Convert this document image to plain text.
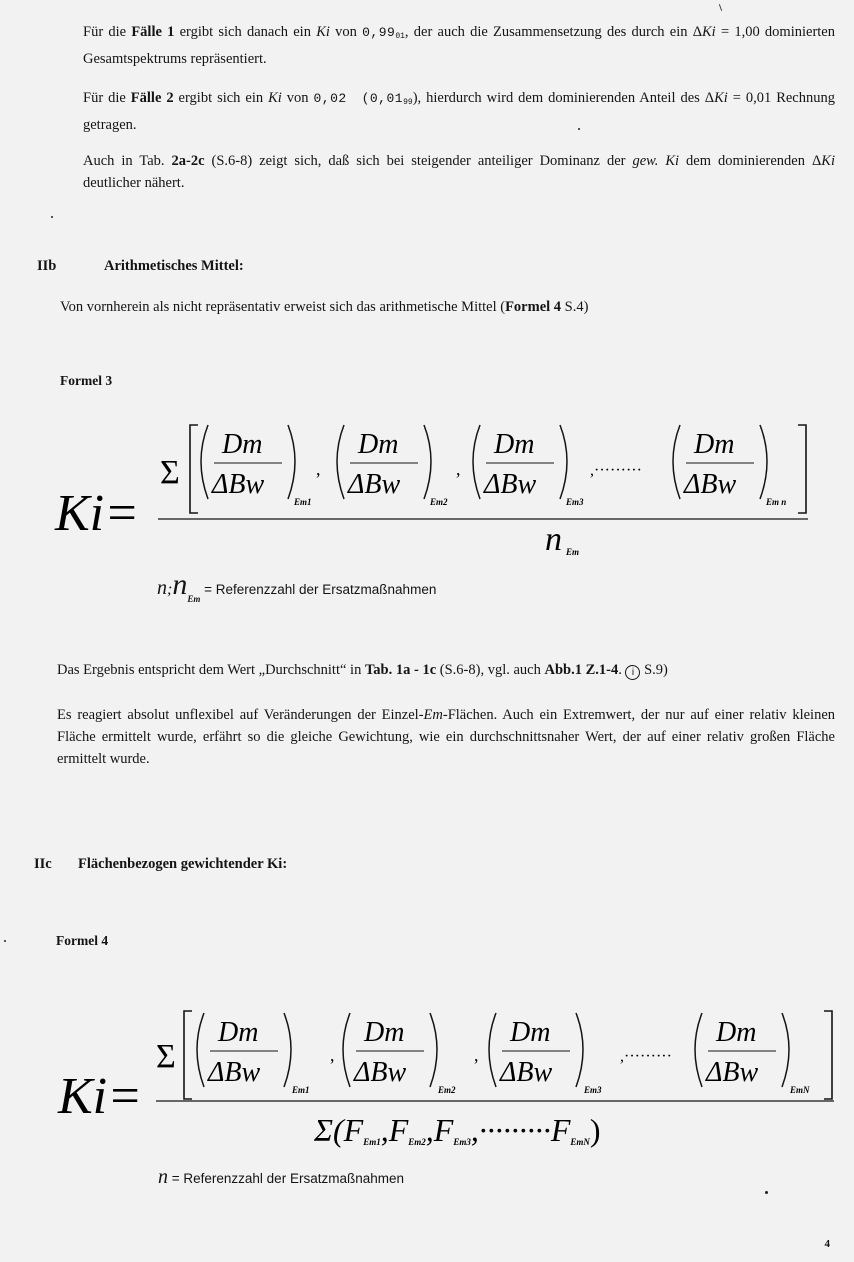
Für die Fälle 1 ergibt sich danach ein Ki von $0,99_{01}$, der auch die Zusammensetzung des durch ein ΔKi = 1,00 dominierten Gesamtspektrums repräsentiert.

Für die Fälle 2 ergibt sich ein Ki von 0,02 $(0,01_{99})$, hierdurch wird dem dominierenden Anteil des ΔKi = 0,01 Rechnung getragen.

Auch in Tab. 2a-2c (S.6-8) zeigt sich, daß sich bei steigender anteiliger Dominanz der gew. Ki dem dominierenden ΔKi deutlicher nähert.

IIb	Arithmetisches Mittel:

Von vornherein als nicht repräsentativ erweist sich das arithmetische Mittel (Formel 4 S.4)

Formel 3
Ki=
Σ
Dm
ΔBw
Em1
Dm
ΔBw
Em2
Dm
ΔBw
Em3
Dm
ΔBw
Em n
,	,	,·········
n Em
$n;n_{Em}$ = Referenzzahl der Ersatzmaßnahmen

Das Ergebnis entspricht dem Wert „Durchschnitt“ in Tab. 1a - 1c (S.6-8), vgl. auch Abb.1 Z.1-4. i S.9)

Es reagiert absolut unflexibel auf Veränderungen der Einzel-Em-Flächen. Auch ein Extremwert, der nur auf einer relativ kleinen Fläche ermittelt wurde, erfährt so die gleiche Gewichtung, wie ein durchschnittsnaher Wert, der auf einer relativ großen Fläche ermittelt wurde.

IIc Flächenbezogen gewichtender Ki:
Formel 4
Ki=
Σ
Dm
ΔBw
Em1
Dm
ΔBw
Em2
Dm
ΔBw
Em3
Dm
ΔBw
EmN
,	,	,·········
Σ(FEm1,FEm2,FEm3,·········FEmN)
n = Referenzzahl der Ersatzmaßnahmen
4
